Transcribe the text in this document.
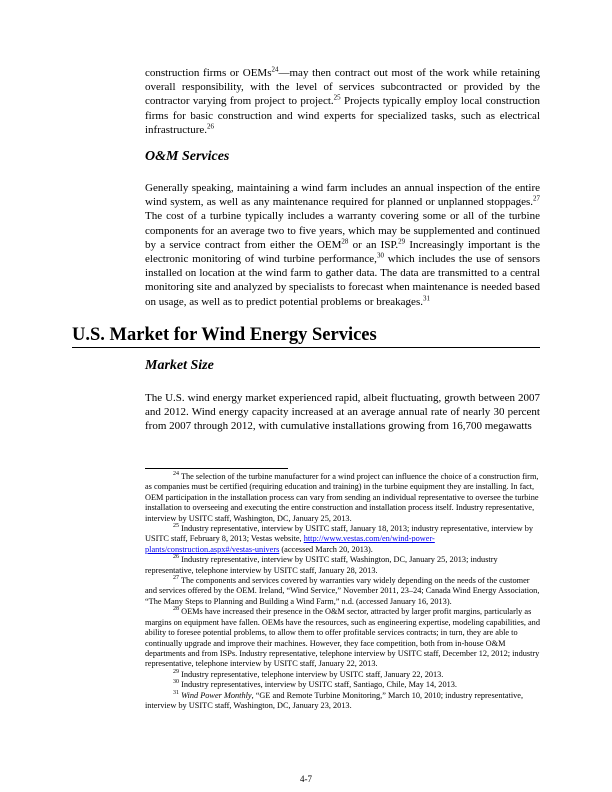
construction firms or OEMs$^{24}$—may then contract out most of the work while retaining overall responsibility, with the level of services subcontracted or provided by the contractor varying from project to project.$^{25}$ Projects typically employ local construction firms for basic construction and wind experts for specialized tasks, such as electrical infrastructure.$^{26}$

O&M Services

Generally speaking, maintaining a wind farm includes an annual inspection of the entire wind system, as well as any maintenance required for planned or unplanned stoppages.$^{27}$ The cost of a turbine typically includes a warranty covering some or all of the turbine components for an average two to five years, which may be supplemented and continued by a service contract from either the OEM$^{28}$ or an ISP.$^{29}$ Increasingly important is the electronic monitoring of wind turbine performance,$^{30}$ which includes the use of sensors installed on location at the wind farm to gather data. The data are transmitted to a central monitoring site and analyzed by specialists to forecast when maintenance is needed based on usage, as well as to predict potential problems or breakages.$^{31}$

U.S. Market for Wind Energy Services
Market Size

The U.S. wind energy market experienced rapid, albeit fluctuating, growth between 2007 and 2012. Wind energy capacity increased at an average annual rate of nearly 30 percent from 2007 through 2012, with cumulative installations growing from 16,700 megawatts

$^{24}$ The selection of the turbine manufacturer for a wind project can influence the choice of a construction firm, as companies must be certified (requiring education and training) in the turbine equipment they are installing. In fact, OEM participation in the installation process can vary from sending an individual representative to oversee the turbine installation to overseeing and executing the entire construction and installation process itself. Industry representative, interview by USITC staff, Washington, DC, January 25, 2013.

$^{25}$ Industry representative, interview by USITC staff, January 18, 2013; industry representative, interview by USITC staff, February 8, 2013; Vestas website, http://www.vestas.com/en/wind-power-plants/construction.aspx#/vestas-univers (accessed March 20, 2013).

$^{26}$ Industry representative, interview by USITC staff, Washington, DC, January 25, 2013; industry representative, telephone interview by USITC staff, January 28, 2013.

$^{27}$ The components and services covered by warranties vary widely depending on the needs of the customer and services offered by the OEM. Ireland, “Wind Service,” November 2011, 23–24; Canada Wind Energy Association, “The Many Steps to Planning and Building a Wind Farm,” n.d. (accessed January 16, 2013).

$^{28}$ OEMs have increased their presence in the O&M sector, attracted by larger profit margins, particularly as margins on equipment have fallen. OEMs have the resources, such as engineering expertise, modeling capabilities, and ability to foresee potential problems, to allow them to offer profitable services contracts; in turn, they are able to continually upgrade and improve their machines. However, they face competition, both from in-house O&M departments and from ISPs. Industry representative, telephone interview by USITC staff, December 12, 2012; industry representative, telephone interview by USITC staff, January 22, 2013.

$^{29}$ Industry representative, telephone interview by USITC staff, January 22, 2013.

$^{30}$ Industry representatives, interview by USITC staff, Santiago, Chile, May 14, 2013.

$^{31}$ Wind Power Monthly, “GE and Remote Turbine Monitoring,” March 10, 2010; industry representative, interview by USITC staff, Washington, DC, January 23, 2013.

4-7
